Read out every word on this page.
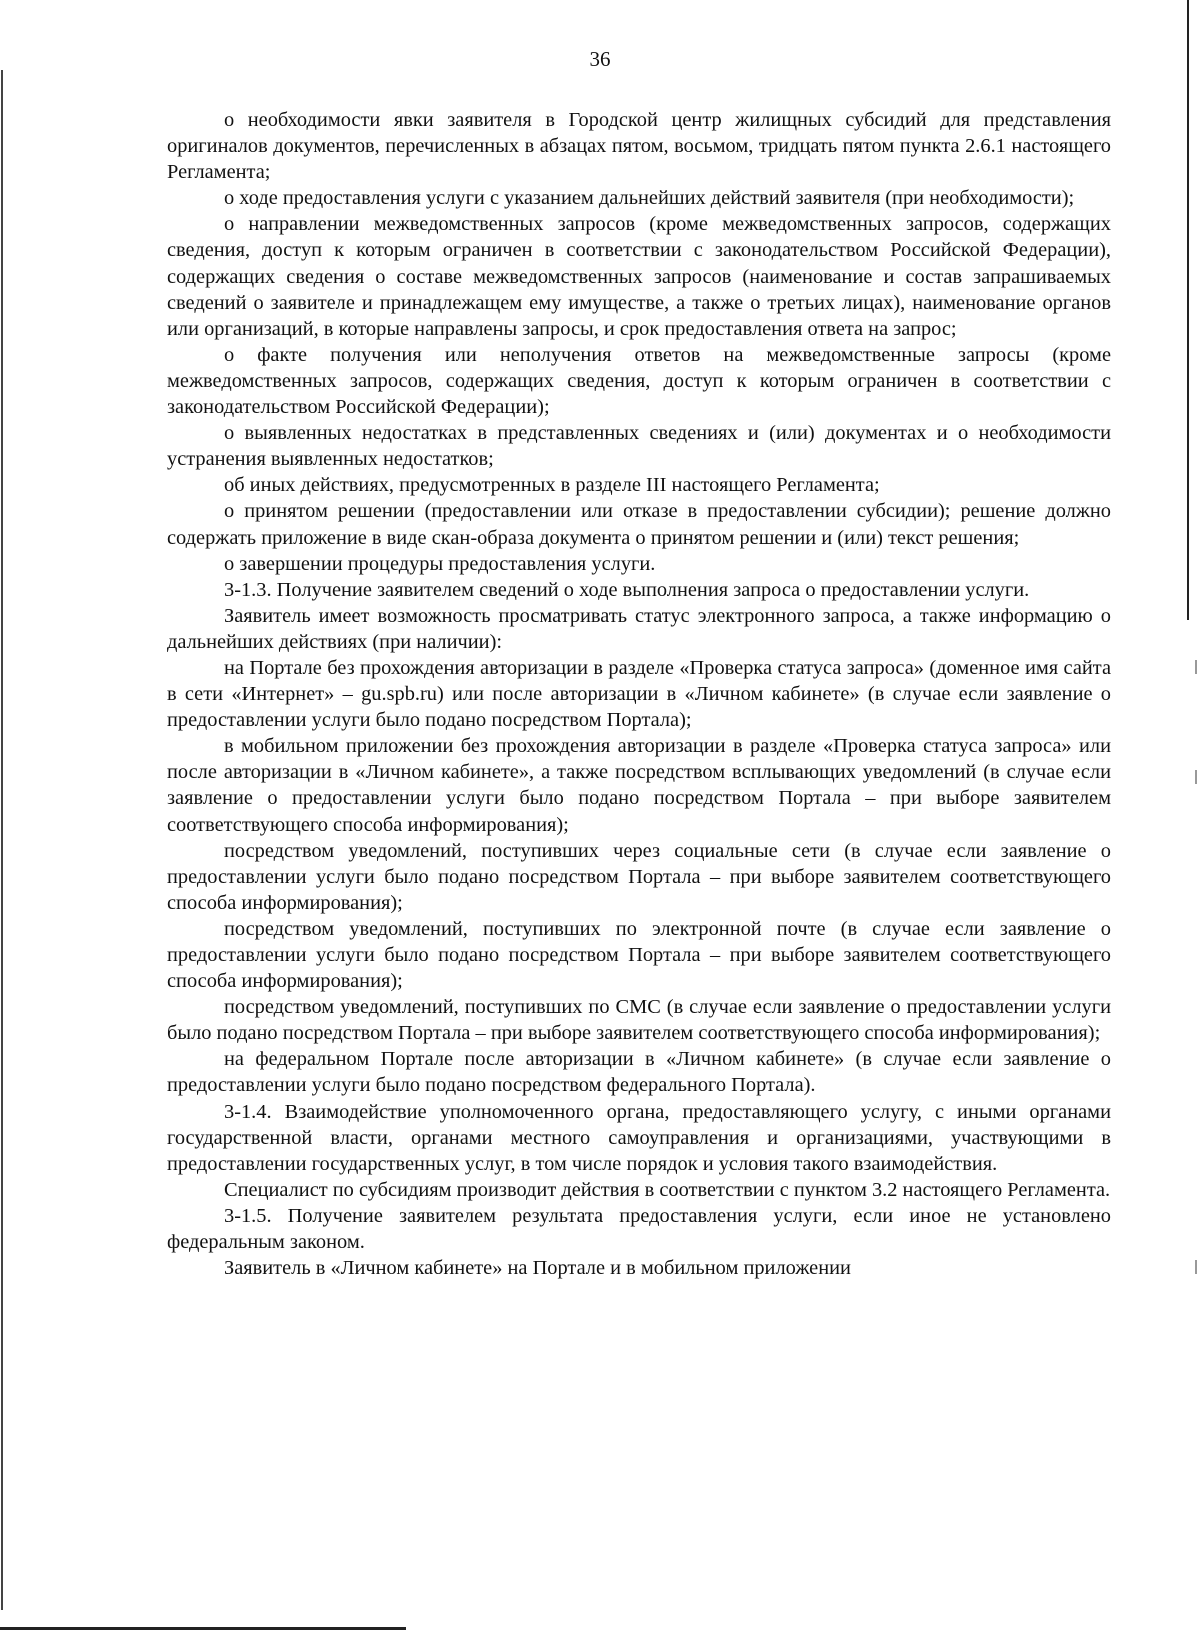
36

о необходимости явки заявителя в Городской центр жилищных субсидий для представления оригиналов документов, перечисленных в абзацах пятом, восьмом, тридцать пятом пункта 2.6.1 настоящего Регламента;

о ходе предоставления услуги с указанием дальнейших действий заявителя (при необходимости);

о направлении межведомственных запросов (кроме межведомственных запросов, содержащих сведения, доступ к которым ограничен в соответствии с законодательством Российской Федерации), содержащих сведения о составе межведомственных запросов (наименование и состав запрашиваемых сведений о заявителе и принадлежащем ему имуществе, а также о третьих лицах), наименование органов или организаций, в которые направлены запросы, и срок предоставления ответа на запрос;

о факте получения или неполучения ответов на межведомственные запросы (кроме межведомственных запросов, содержащих сведения, доступ к которым ограничен в соответствии с законодательством Российской Федерации);

о выявленных недостатках в представленных сведениях и (или) документах и о необходимости устранения выявленных недостатков;

об иных действиях, предусмотренных в разделе III настоящего Регламента;

о принятом решении (предоставлении или отказе в предоставлении субсидии); решение должно содержать приложение в виде скан-образа документа о принятом решении и (или) текст решения;

о завершении процедуры предоставления услуги.

3-1.3. Получение заявителем сведений о ходе выполнения запроса о предоставлении услуги.

Заявитель имеет возможность просматривать статус электронного запроса, а также информацию о дальнейших действиях (при наличии):

на Портале без прохождения авторизации в разделе «Проверка статуса запроса» (доменное имя сайта в сети «Интернет» – gu.spb.ru) или после авторизации в «Личном кабинете» (в случае если заявление о предоставлении услуги было подано посредством Портала);

в мобильном приложении без прохождения авторизации в разделе «Проверка статуса запроса» или после авторизации в «Личном кабинете», а также посредством всплывающих уведомлений (в случае если заявление о предоставлении услуги было подано посредством Портала – при выборе заявителем соответствующего способа информирования);

посредством уведомлений, поступивших через социальные сети (в случае если заявление о предоставлении услуги было подано посредством Портала – при выборе заявителем соответствующего способа информирования);

посредством уведомлений, поступивших по электронной почте (в случае если заявление о предоставлении услуги было подано посредством Портала – при выборе заявителем соответствующего способа информирования);

посредством уведомлений, поступивших по СМС (в случае если заявление о предоставлении услуги было подано посредством Портала – при выборе заявителем соответствующего способа информирования);

на федеральном Портале после авторизации в «Личном кабинете» (в случае если заявление о предоставлении услуги было подано посредством федерального Портала).

3-1.4. Взаимодействие уполномоченного органа, предоставляющего услугу, с иными органами государственной власти, органами местного самоуправления и организациями, участвующими в предоставлении государственных услуг, в том числе порядок и условия такого взаимодействия.

Специалист по субсидиям производит действия в соответствии с пунктом 3.2 настоящего Регламента.

3-1.5. Получение заявителем результата предоставления услуги, если иное не установлено федеральным законом.

Заявитель в «Личном кабинете» на Портале и в мобильном приложении
